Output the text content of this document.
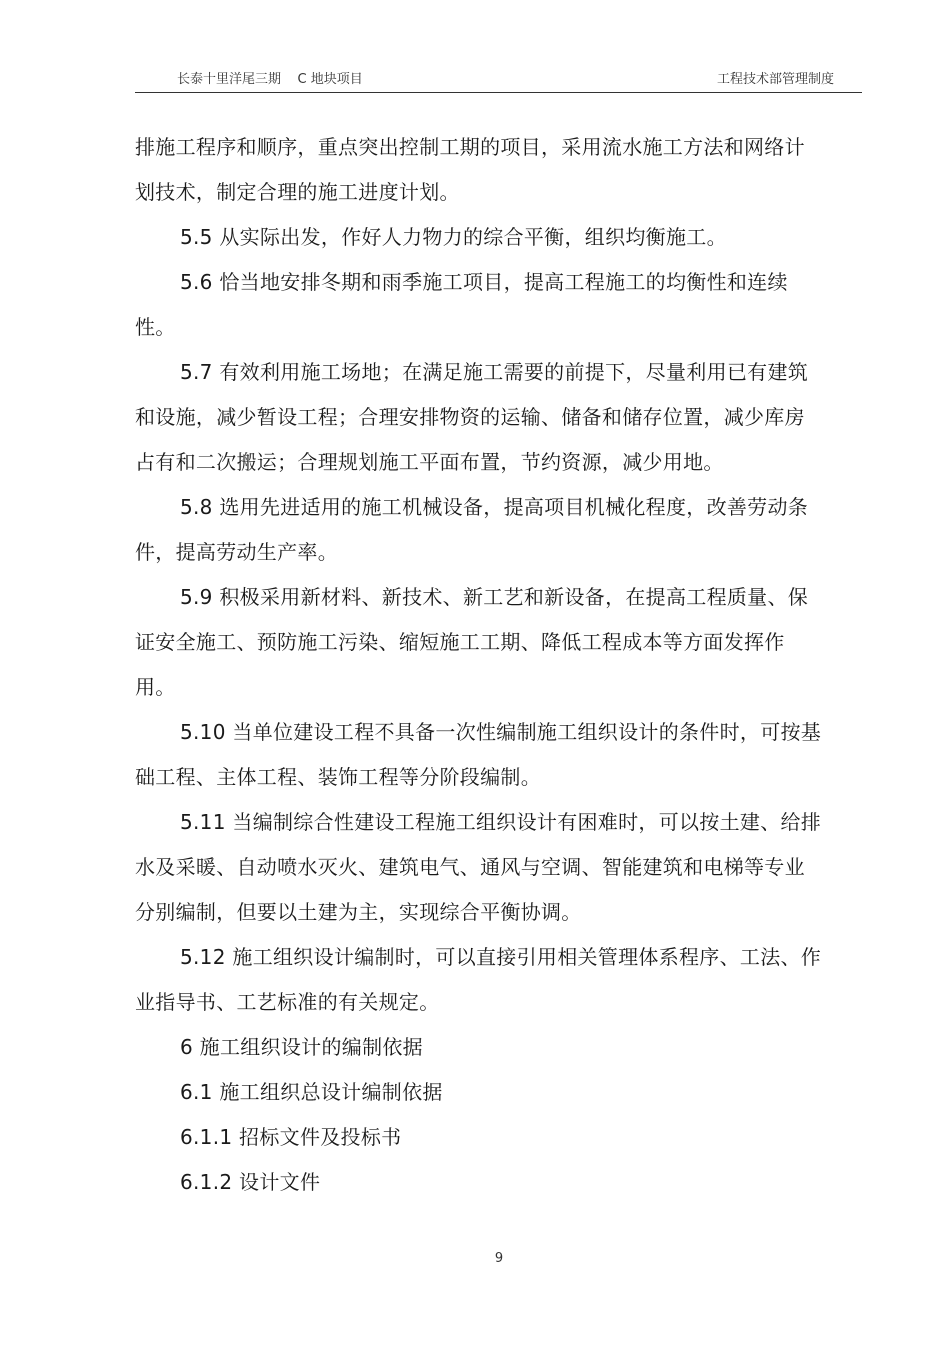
长泰十里洋尾三期    C 地块项目	工程技术部管理制度

排施工程序和顺序，重点突出控制工期的项目，采用流水施工方法和网络计划技术，制定合理的施工进度计划。

5.5 从实际出发，作好人力物力的综合平衡，组织均衡施工。

5.6 恰当地安排冬期和雨季施工项目，提高工程施工的均衡性和连续性。

5.7 有效利用施工场地；在满足施工需要的前提下，尽量利用已有建筑和设施，减少暂设工程；合理安排物资的运输、储备和储存位置，减少库房占有和二次搬运；合理规划施工平面布置，节约资源，减少用地。

5.8 选用先进适用的施工机械设备，提高项目机械化程度，改善劳动条件，提高劳动生产率。

5.9 积极采用新材料、新技术、新工艺和新设备，在提高工程质量、保证安全施工、预防施工污染、缩短施工工期、降低工程成本等方面发挥作用。

5.10 当单位建设工程不具备一次性编制施工组织设计的条件时，可按基础工程、主体工程、装饰工程等分阶段编制。

5.11 当编制综合性建设工程施工组织设计有困难时，可以按土建、给排水及采暖、自动喷水灭火、建筑电气、通风与空调、智能建筑和电梯等专业分别编制，但要以土建为主，实现综合平衡协调。

5.12 施工组织设计编制时，可以直接引用相关管理体系程序、工法、作业指导书、工艺标准的有关规定。

6 施工组织设计的编制依据

6.1 施工组织总设计编制依据

6.1.1 招标文件及投标书

6.1.2 设计文件

9
